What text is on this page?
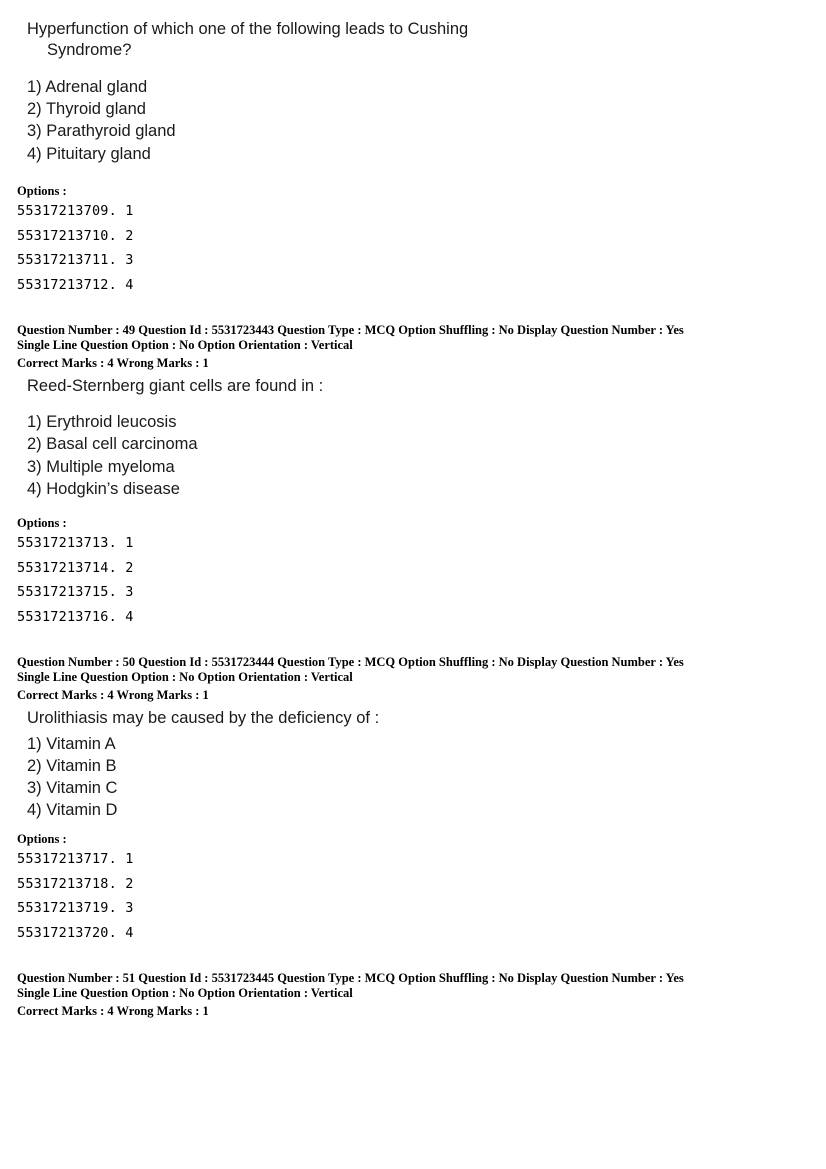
Hyperfunction of which one of the following leads to Cushing
Syndrome?
1) Adrenal gland
2) Thyroid gland
3) Parathyroid gland
4) Pituitary gland
Options :
55317213709. 1
55317213710. 2
55317213711. 3
55317213712. 4
Question Number : 49 Question Id : 5531723443 Question Type : MCQ Option Shuffling : No Display Question Number : Yes
Single Line Question Option : No Option Orientation : Vertical
Correct Marks : 4 Wrong Marks : 1
Reed-Sternberg giant cells are found in :
1) Erythroid leucosis
2) Basal cell carcinoma
3) Multiple myeloma
4) Hodgkin’s disease
Options :
55317213713. 1
55317213714. 2
55317213715. 3
55317213716. 4
Question Number : 50 Question Id : 5531723444 Question Type : MCQ Option Shuffling : No Display Question Number : Yes
Single Line Question Option : No Option Orientation : Vertical
Correct Marks : 4 Wrong Marks : 1
Urolithiasis may be caused by the deficiency of :
1) Vitamin A
2) Vitamin B
3) Vitamin C
4) Vitamin D
Options :
55317213717. 1
55317213718. 2
55317213719. 3
55317213720. 4
Question Number : 51 Question Id : 5531723445 Question Type : MCQ Option Shuffling : No Display Question Number : Yes
Single Line Question Option : No Option Orientation : Vertical
Correct Marks : 4 Wrong Marks : 1
